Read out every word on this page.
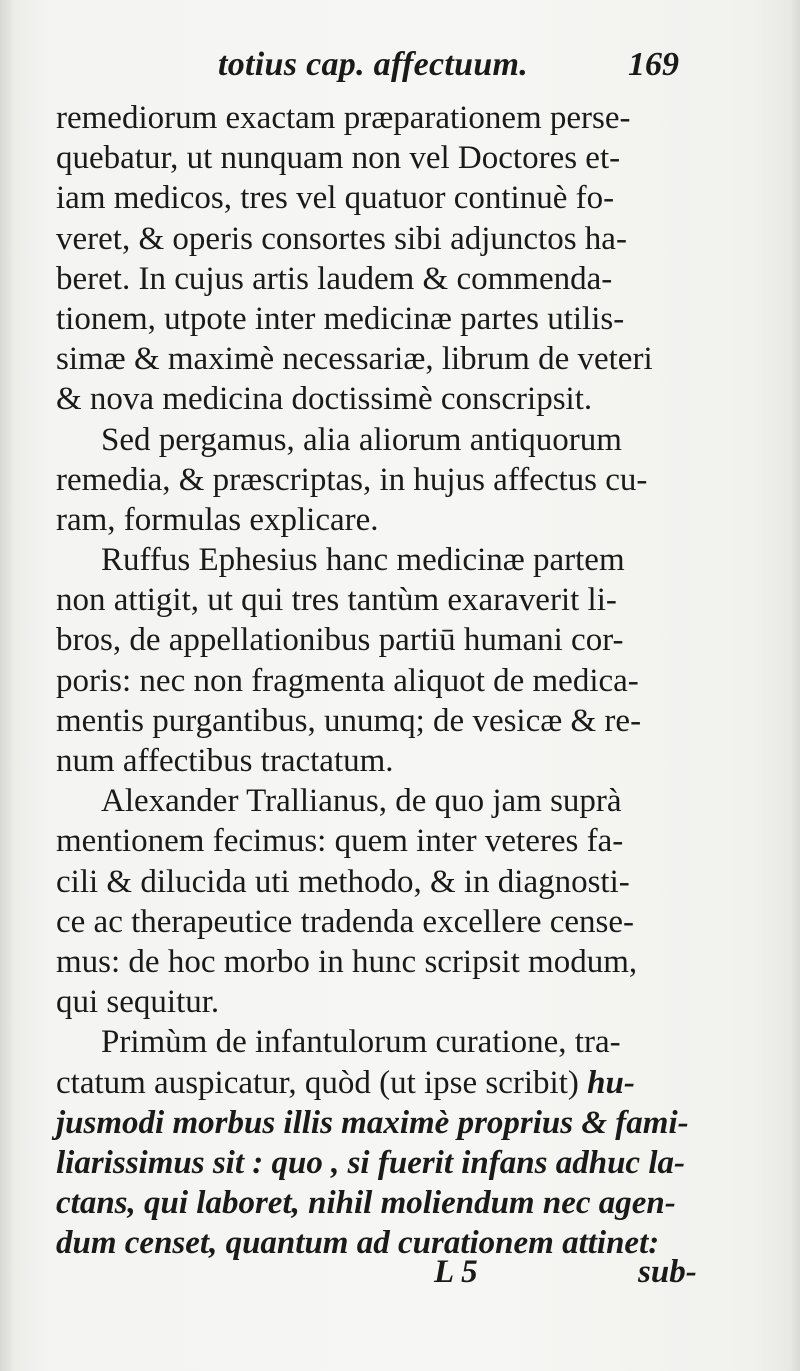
totius cap. affectuum.	169
remediorum exactam præparationem perse-
quebatur, ut nunquam non vel Doctores et-
iam medicos, tres vel quatuor continuè fo-
veret, & operis consortes sibi adjunctos ha-
beret. In cujus artis laudem & commenda-
tionem, utpote inter medicinæ partes utilis-
simæ & maximè necessariæ, librum de veteri
& nova medicina doctissimè conscripsit.
Sed pergamus, alia aliorum antiquorum
remedia, & præscriptas, in hujus affectus cu-
ram, formulas explicare.
Ruffus Ephesius hanc medicinæ partem
non attigit, ut qui tres tantùm exaraverit li-
bros, de appellationibus partiū humani cor-
poris: nec non fragmenta aliquot de medica-
mentis purgantibus, unumq; de vesicæ & re-
num affectibus tractatum.
Alexander Trallianus, de quo jam suprà
mentionem fecimus: quem inter veteres fa-
cili & dilucida uti methodo, & in diagnosti-
ce ac therapeutice tradenda excellere cense-
mus: de hoc morbo in hunc scripsit modum,
qui sequitur.
Primùm de infantulorum curatione, tra-
ctatum auspicatur, quòd (ut ipse scribit) hu-
jusmodi morbus illis maximè proprius & fami-
liarissimus sit : quo , si fuerit infans adhuc la-
ctans, qui laboret, nihil moliendum nec agen-
dum censet, quantum ad curationem attinet:
L 5	sub-
